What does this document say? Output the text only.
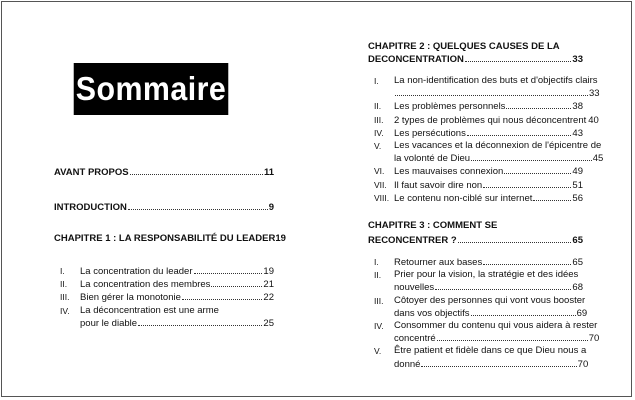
Sommaire
AVANT PROPOS	11
INTRODUCTION	9
CHAPITRE 1 : LA RESPONSABILITÉ DU LEADER 19
I.	La concentration du leader	19
II.	La concentration des membres	21
III.	Bien gérer la monotonie	22
IV.	La déconcentration est une arme
pour le diable	25
CHAPITRE 2 : QUELQUES CAUSES DE LA
DECONCENTRATION	33
I.	La non-identification des buts et d'objectifs clairs
33
II.	Les problèmes personnels	38
III.	2 types de problèmes qui nous déconcentrent 40
IV.	Les persécutions	43
V.	Les vacances et la déconnexion de l'épicentre de
la volonté de Dieu	45
VI.	Les mauvaises connexion	49
VII. Il faut savoir dire non	51
VIII. Le contenu non-ciblé sur internet	56
CHAPITRE 3 : COMMENT SE
RECONCENTRER ?	65
I.	Retourner aux bases	65
II.	Prier pour la vision, la stratégie et des idées
nouvelles	68
III.	Côtoyer des personnes qui vont vous booster
dans vos objectifs	69
IV.	Consommer du contenu qui vous aidera à rester
concentré	70
V.	Être patient et fidèle dans ce que Dieu nous a
donné	70
